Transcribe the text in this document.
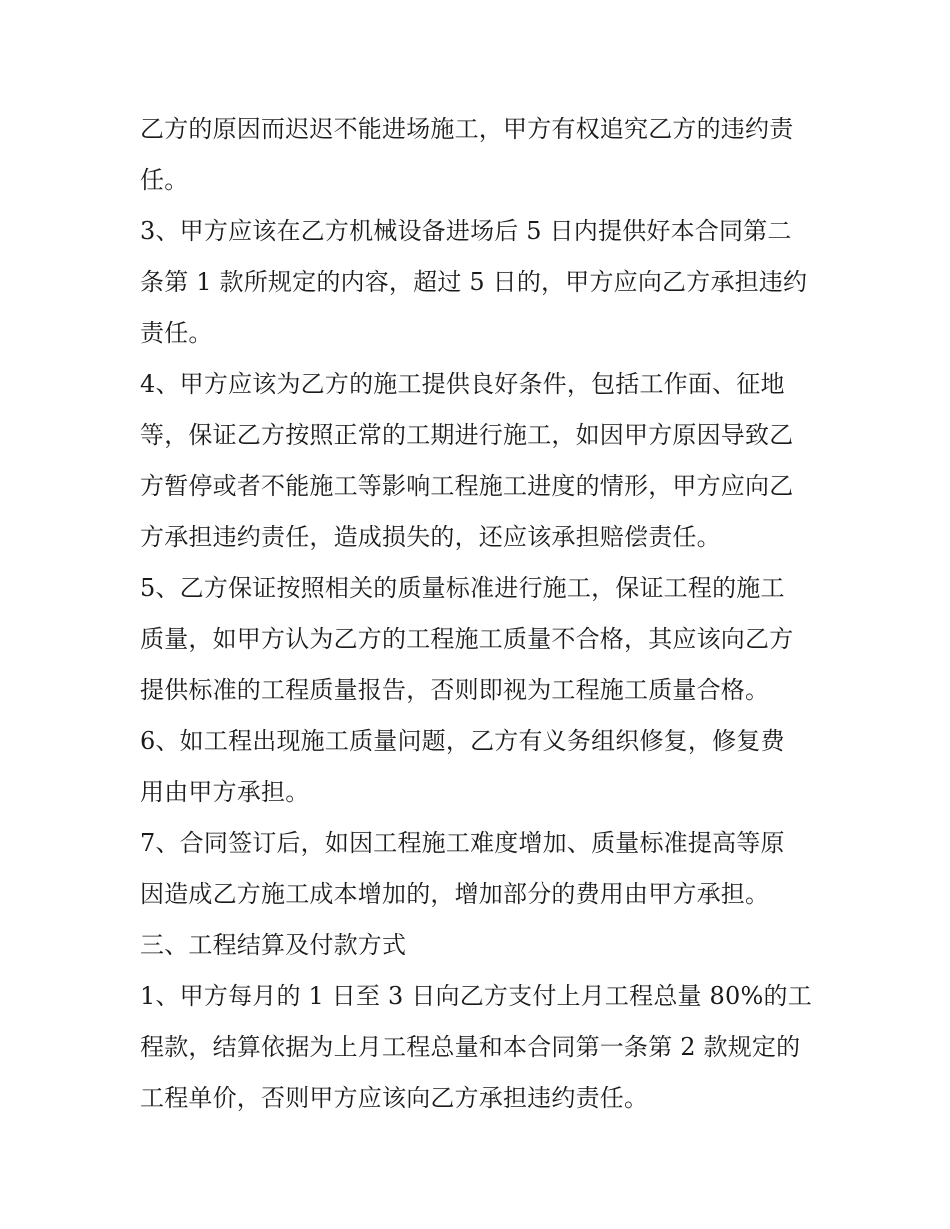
乙方的原因而迟迟不能进场施工，甲方有权追究乙方的违约责
任。
3、甲方应该在乙方机械设备进场后 5 日内提供好本合同第二
条第 1 款所规定的内容，超过 5 日的，甲方应向乙方承担违约
责任。
4、甲方应该为乙方的施工提供良好条件，包括工作面、征地
等，保证乙方按照正常的工期进行施工，如因甲方原因导致乙
方暂停或者不能施工等影响工程施工进度的情形，甲方应向乙
方承担违约责任，造成损失的，还应该承担赔偿责任。
5、乙方保证按照相关的质量标准进行施工，保证工程的施工
质量，如甲方认为乙方的工程施工质量不合格，其应该向乙方
提供标准的工程质量报告，否则即视为工程施工质量合格。
6、如工程出现施工质量问题，乙方有义务组织修复，修复费
用由甲方承担。
7、合同签订后，如因工程施工难度增加、质量标准提高等原
因造成乙方施工成本增加的，增加部分的费用由甲方承担。
三、工程结算及付款方式
1、甲方每月的 1 日至 3 日向乙方支付上月工程总量 80%的工
程款，结算依据为上月工程总量和本合同第一条第 2 款规定的
工程单价，否则甲方应该向乙方承担违约责任。
